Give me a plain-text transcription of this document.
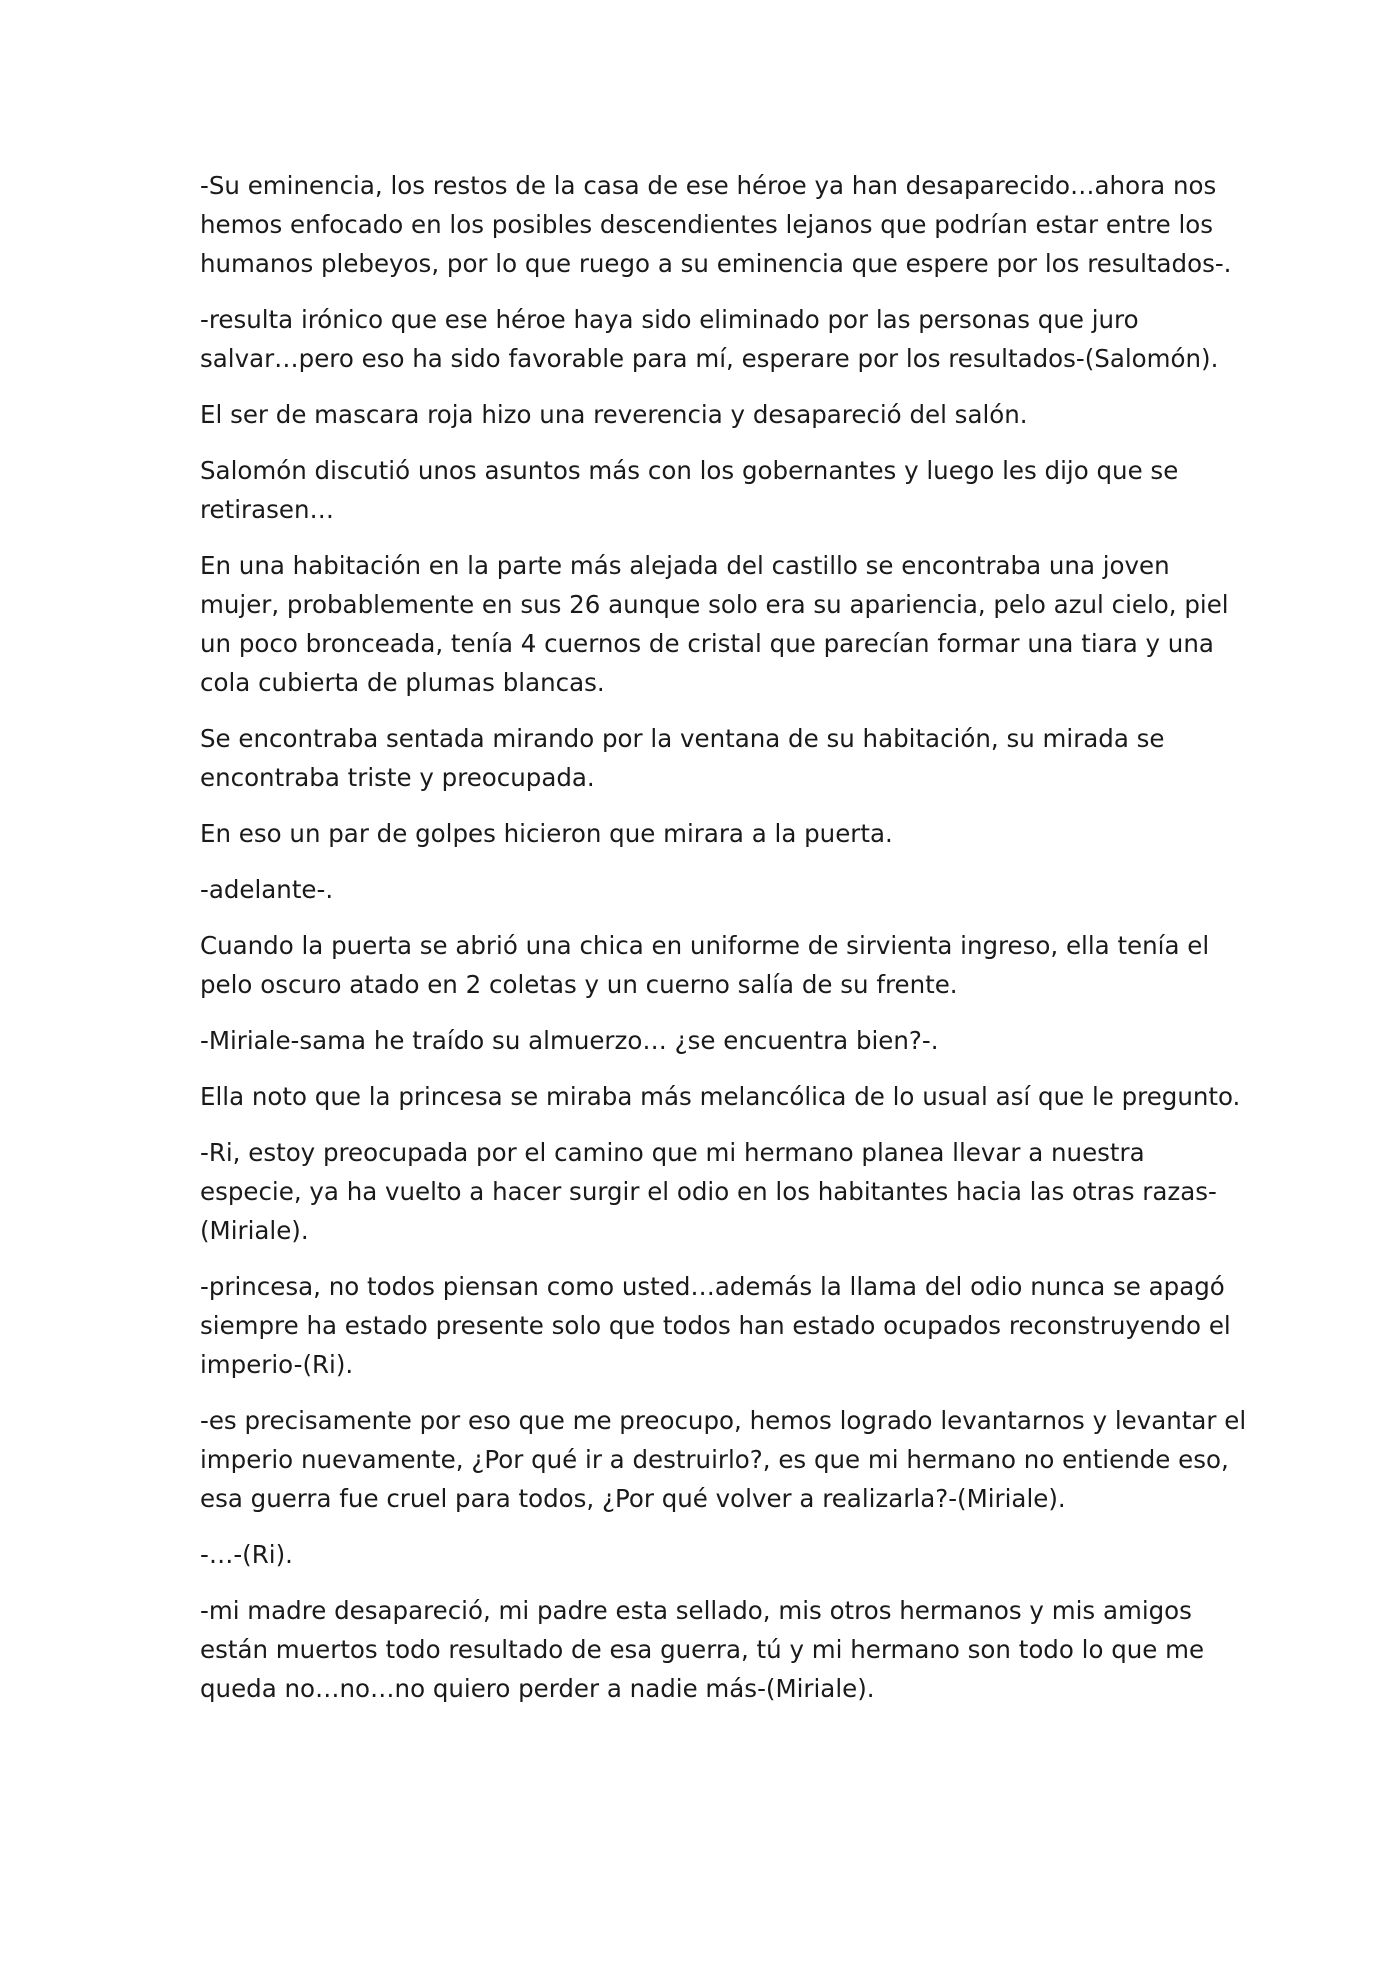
-Su eminencia, los restos de la casa de ese héroe ya han desaparecido…ahora nos
hemos enfocado en los posibles descendientes lejanos que podrían estar entre los
humanos plebeyos, por lo que ruego a su eminencia que espere por los resultados-.

-resulta irónico que ese héroe haya sido eliminado por las personas que juro
salvar…pero eso ha sido favorable para mí, esperare por los resultados-(Salomón).

El ser de mascara roja hizo una reverencia y desapareció del salón.

Salomón discutió unos asuntos más con los gobernantes y luego les dijo que se
retirasen…

En una habitación en la parte más alejada del castillo se encontraba una joven
mujer, probablemente en sus 26 aunque solo era su apariencia, pelo azul cielo, piel
un poco bronceada, tenía 4 cuernos de cristal que parecían formar una tiara y una
cola cubierta de plumas blancas.

Se encontraba sentada mirando por la ventana de su habitación, su mirada se
encontraba triste y preocupada.

En eso un par de golpes hicieron que mirara a la puerta.

-adelante-.

Cuando la puerta se abrió una chica en uniforme de sirvienta ingreso, ella tenía el
pelo oscuro atado en 2 coletas y un cuerno salía de su frente.

-Miriale-sama he traído su almuerzo… ¿se encuentra bien?-.

Ella noto que la princesa se miraba más melancólica de lo usual así que le pregunto.

-Ri, estoy preocupada por el camino que mi hermano planea llevar a nuestra
especie, ya ha vuelto a hacer surgir el odio en los habitantes hacia las otras razas-
(Miriale).

-princesa, no todos piensan como usted…además la llama del odio nunca se apagó
siempre ha estado presente solo que todos han estado ocupados reconstruyendo el
imperio-(Ri).

-es precisamente por eso que me preocupo, hemos logrado levantarnos y levantar el
imperio nuevamente, ¿Por qué ir a destruirlo?, es que mi hermano no entiende eso,
esa guerra fue cruel para todos, ¿Por qué volver a realizarla?-(Miriale).

-…-(Ri).

-mi madre desapareció, mi padre esta sellado, mis otros hermanos y mis amigos
están muertos todo resultado de esa guerra, tú y mi hermano son todo lo que me
queda no…no…no quiero perder a nadie más-(Miriale).
